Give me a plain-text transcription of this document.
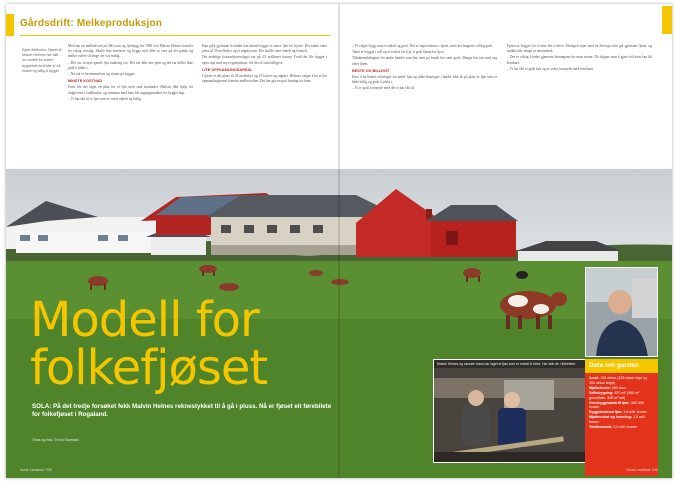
Gårdsdrift: Melkeproduksjon
Egde Melkofos: Fjøset til Malvin Helmes har blitt en modell for andre bygdefolk fordi det er så enkelt og billig å bygge.

Med om en melkekvote på 260 tonn og fjøsbygg fra 1969 ved Malvin Helnes framfor ett viktig veivalg. Skulle han investere og bygge nytt eller ta vare på det gamle og melke videre så lenge det var mulig.

– Det var så mye gamle fjøs omkring oss. Det var ikke noe pent og det var heller ikke godt å jobbe i.

– Nå tok vi bestemmelsen og startet på bygget.

MINSTE KOSTNAD

Først ble det laget en plan for et fjøs med små kostnader. Malvin fikk hjelp fra rådgiveren i landbruket, og sammen med ham ble utgangspunktet for bygget lagt.

– Vi har fått til et fjøs som er svært enkelt og billig.

Han gikk gjennom hvordan han kunne bygge et større fjøs for kyrne. Det måtte være plass til 50 melkekyr og et ungdyrrom. Det skulle være enkelt og lettstelt.

Det endelige kostnadsoverslaget var på 3,5 millioner kroner. Fordi det ble bygget i egen regi med mye egeninnsats, ble det til slutt billigere.

LITE OPPSAMLINGSAREAL

I fjøset er det plass til 48 melkekyr og 25 kalver og ungdyr. Helmes valgte å ha et lite oppsamlingsareal framfor melkestallen. Det har gitt en god løsning for ham.

– Vi valgte bygg som er enkelt og greit. Det er ingen luksus i fjøset, men det fungerer veldig godt.

Taket er bygget i stål og er isolert for å gi et godt klima for dyra.

Tilbakemeldingene fra andre bønder som har vært på besøk har vært gode. Mange har tatt med seg ideer hjem.

BESTE OG BILLIGST

Etter å ha hentet erfaringer fra andre fjøs og ulike løsninger i landet fikk de på plass et fjøs som er både billig og godt å jobbe i.

– Vi er godt fornøyde med det vi har fått til.

Fjøset er bygget for å være lett å drive. Fôringen skjer med en fôrvogn som går gjennom fjøset, og møkka blir skrapt ut automatisk.

– Det er viktig å tenke gjennom løsningene før man starter. Da slipper man å gjøre feil som kan bli kostbare.

– Vi har fått et godt fjøs og er svært fornøyde med resultatet.

Modell for
folkefjøset
SOLA: På det tredje forsøket fekk Malvin Helnes reknestykket til å gå i pluss. Nå er fjøset eit førebilete for folkefjøset i Rogaland.
Tekst og foto: Trond Skarstad
Malvin Helnes og sønnen hans har laget et fjøs som er enkelt å drive. Her står de i fôrbrettet.	Data om garden
Areal: 105 dekar (325 dekar eigd og 200 dekar leigd)
Mjølkekvote: 260 tonn
Driftsbygning: 870 m² (360 m² grunnflate, 325 m² loft)
Grovbygg/samdrift fjøs: 300 000 kroner
Byggekostnad fjøs: 1,8 mill. kroner
Mjølkerobot og innreiing: 1,5 mill. kroner
Totalkostnad: 3,3 mill. kroner
Norsk Landbruk 7/06	Norsk Landbruk 7/06
